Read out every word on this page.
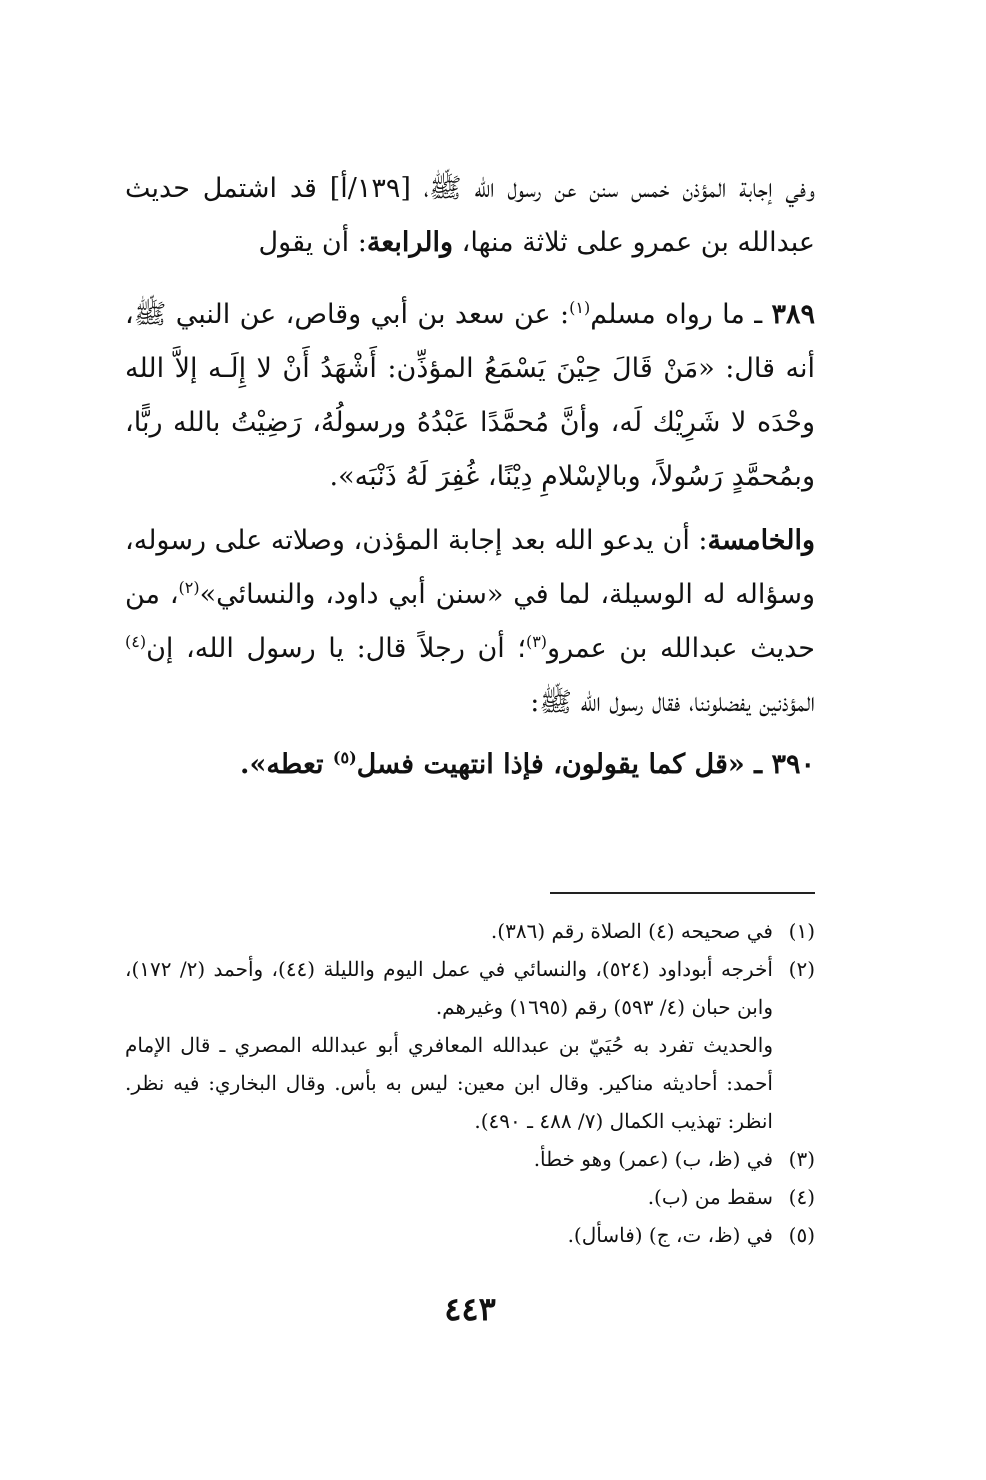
وفي إجابة المؤذن خمس سنن عن رسول الله ﷺ، [١٣٩/أ] قد اشتمل حديث عبدالله بن عمرو على ثلاثة منها، والرابعة: أن يقول

٣٨٩ ـ ما رواه مسلم$^{(١)}$: عن سعد بن أبي وقاص، عن النبي ﷺ، أنه قال: «مَنْ قَالَ حِيْنَ يَسْمَعُ المؤذِّن: أَشْهَدُ أَنْ لا إِلَـه إلاَّ الله وحْدَه لا شَرِيْك لَه، وأنَّ مُحمَّدًا عَبْدُهُ ورسولُهُ، رَضِيْتُ بالله ربًّا، وبمُحمَّدٍ رَسُولاً، وبالإسْلامِ دِيْنًا، غُفِرَ لَهُ ذَنْبَه».

والخامسة: أن يدعو الله بعد إجابة المؤذن، وصلاته على رسوله، وسؤاله له الوسيلة، لما في «سنن أبي داود، والنسائي»$^{(٢)}$، من حديث عبدالله بن عمرو$^{(٣)}$؛ أن رجلاً قال: يا رسول الله، إن$^{(٤)}$ المؤذنين يفضلوننا، فقال رسول الله ﷺ:

٣٩٠ ـ «قل كما يقولون، فإذا انتهيت فسل$^{(٥)}$ تعطه».

(١)
في صحيحه (٤) الصلاة رقم (٣٨٦).
(٢)
أخرجه أبوداود (٥٢٤)، والنسائي في عمل اليوم والليلة (٤٤)، وأحمد (٢/ ١٧٢)، وابن حبان (٤/ ٥٩٣) رقم (١٦٩٥) وغيرهم.
والحديث تفرد به حُيَيّ بن عبدالله المعافري أبو عبدالله المصري ـ قال الإمام أحمد: أحاديثه مناكير. وقال ابن معين: ليس به بأس. وقال البخاري: فيه نظر. انظر: تهذيب الكمال (٧/ ٤٨٨ ـ ٤٩٠).
(٣)
في (ظ، ب) (عمر) وهو خطأ.
(٤)
سقط من (ب).
(٥)
في (ظ، ت، ج) (فاسأل).
٤٤٣
